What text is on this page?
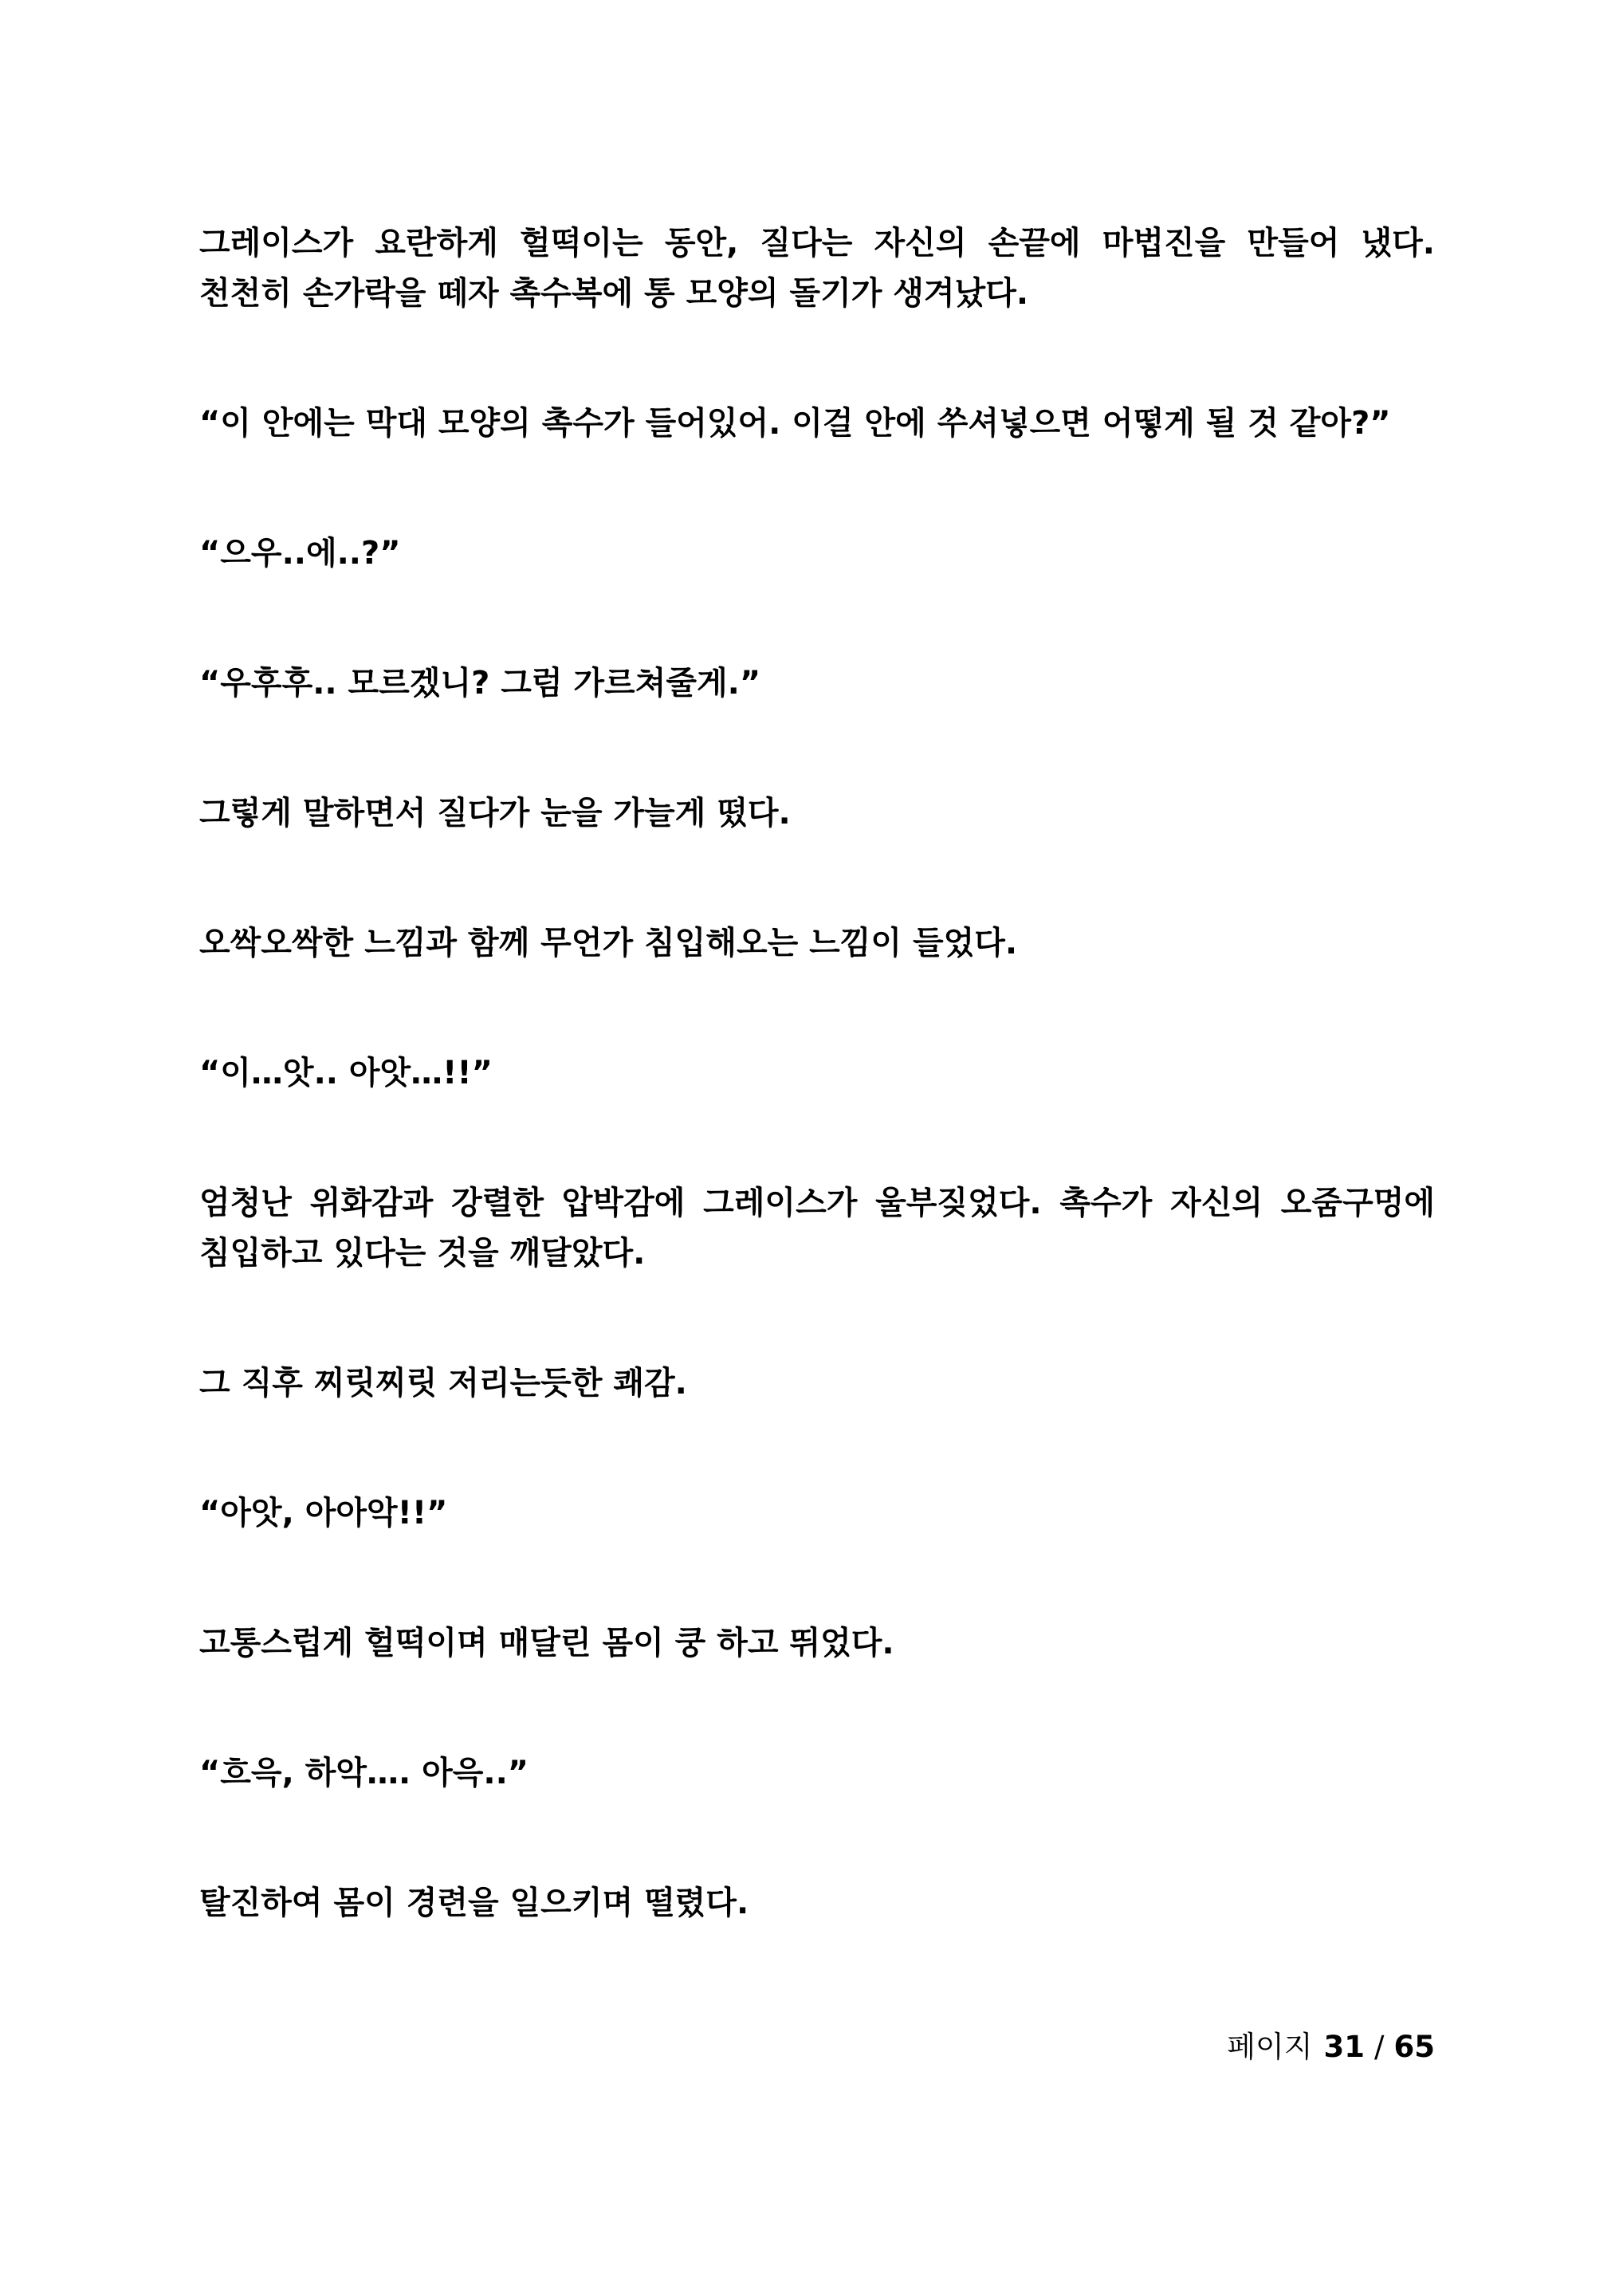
그레이스가 요란하게 헐떡이는 동안, 질다는 자신의 손끝에 마법진을 만들어 냈다. 천천히 손가락을 떼자 촉수복에 통 모양의 돌기가 생겨났다.

“이 안에는 막대 모양의 촉수가 들어있어. 이걸 안에 쑤셔넣으면 어떻게 될 것 같아?”

“으우..에..?”

“우후후.. 모르겠니? 그럼 가르쳐줄게.”

그렇게 말하면서 질다가 눈을 가늘게 떴다.

오싹오싹한 느낌과 함께 무언가 침입해오는 느낌이 들었다.

“이…앗.. 아앗…!!”

엄청난 위화감과 강렬한 압박감에 그레이스가 울부짖었다. 촉수가 자신의 오줌구멍에 침입하고 있다는 것을 깨달았다.

그 직후 찌릿찌릿 저리는듯한 쾌감.

“아앗, 아아악!!”

고통스럽게 헐떡이며 매달린 몸이 쿵 하고 뛰었다.

“흐윽, 하악…. 아윽..”

탈진하여 몸이 경련을 일으키며 떨렸다.

페이지 31 / 65
